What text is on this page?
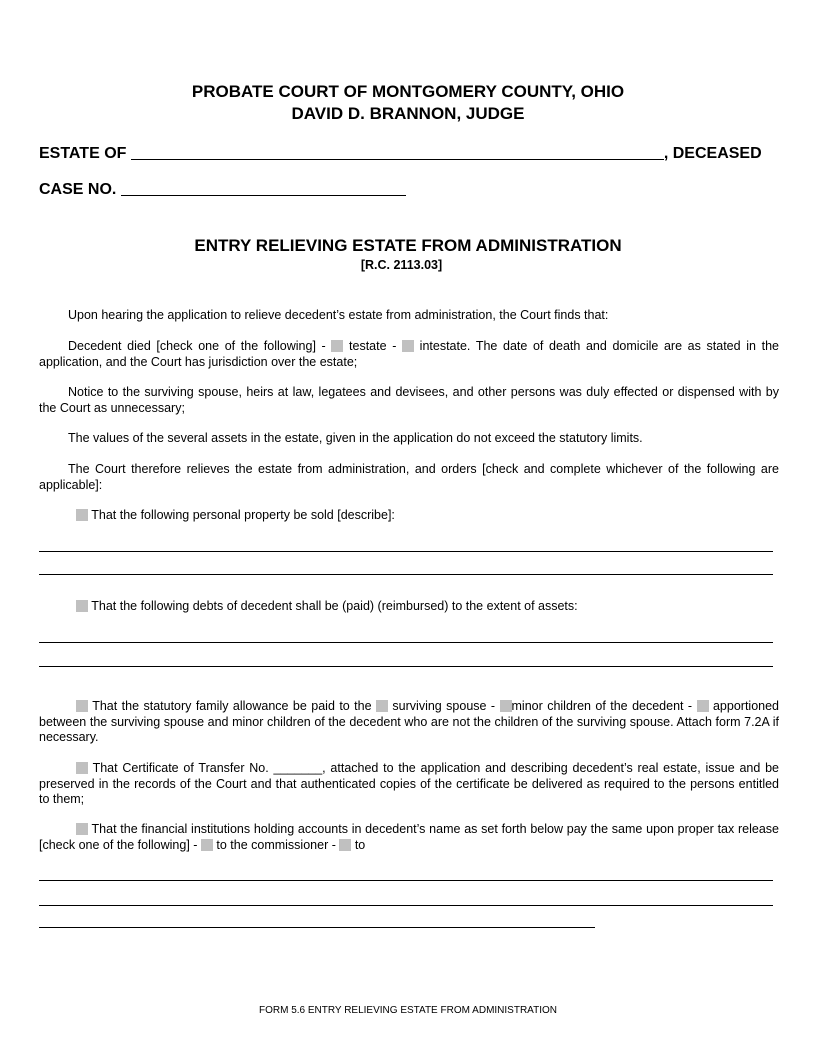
PROBATE COURT OF MONTGOMERY COUNTY, OHIO
DAVID D. BRANNON, JUDGE
ESTATE OF	, DECEASED
CASE NO.
ENTRY RELIEVING ESTATE FROM ADMINISTRATION
[R.C. 2113.03]

Upon hearing the application to relieve decedent’s estate from administration, the Court finds that:

Decedent died [check one of the following] -  testate -  intestate. The date of death and domicile are as stated in the application, and the Court has jurisdiction over the estate;

Notice to the surviving spouse, heirs at law, legatees and devisees, and other persons was duly effected or dispensed with by the Court as unnecessary;

The values of the several assets in the estate, given in the application do not exceed the statutory limits.

The Court therefore relieves the estate from administration, and orders [check and complete whichever of the following are applicable]:

That the following personal property be sold [describe]:
That the following debts of decedent shall be (paid) (reimbursed) to the extent of assets:

That the statutory family allowance be paid to the  surviving spouse - minor children of the decedent -  apportioned between the surviving spouse and minor children of the decedent who are not the children of the surviving spouse. Attach form 7.2A if necessary.

That Certificate of Transfer No. _______, attached to the application and describing decedent’s real estate, issue and be preserved in the records of the Court and that authenticated copies of the certificate be delivered as required to the persons entitled to them;

That the financial institutions holding accounts in decedent’s name as set forth below pay the same upon proper tax release [check one of the following] -  to the commissioner -  to

FORM 5.6 ENTRY RELIEVING ESTATE FROM ADMINISTRATION
